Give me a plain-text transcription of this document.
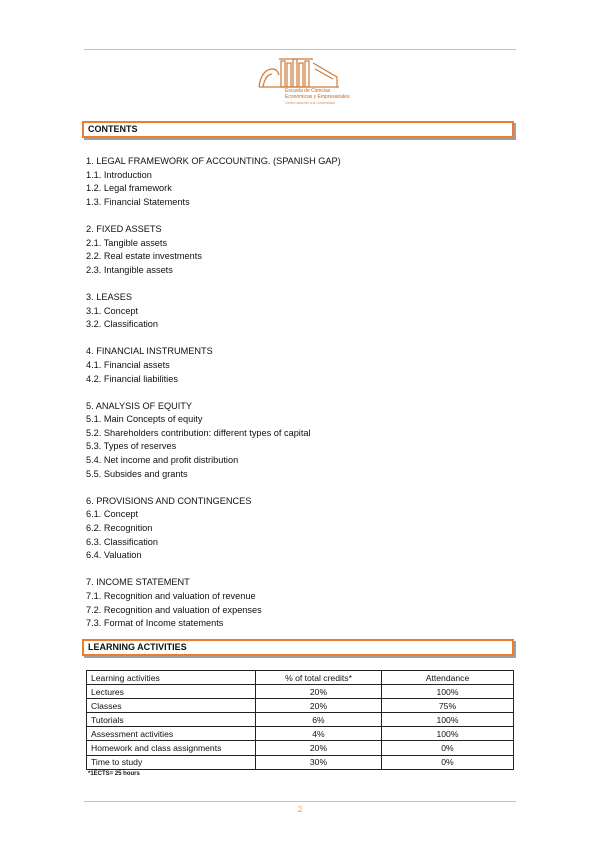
Escuela de Ciencias
Económicas y Empresariales
Centro adscrito a la Universidad
CONTENTS
1. LEGAL FRAMEWORK OF ACCOUNTING. (SPANISH GAP)
1.1. Introduction
1.2. Legal framework
1.3. Financial Statements
2. FIXED ASSETS
2.1. Tangible assets
2.2. Real estate investments
2.3. Intangible assets
3. LEASES
3.1. Concept
3.2. Classification
4. FINANCIAL INSTRUMENTS
4.1. Financial assets
4.2. Financial liabilities
5. ANALYSIS OF EQUITY
5.1. Main Concepts of equity
5.2. Shareholders contribution: different types of capital
5.3. Types of reserves
5.4. Net income and profit distribution
5.5. Subsides and grants
6. PROVISIONS AND CONTINGENCES
6.1. Concept
6.2. Recognition
6.3. Classification
6.4. Valuation
7. INCOME STATEMENT
7.1. Recognition and valuation of revenue
7.2. Recognition and valuation of expenses
7.3. Format of Income statements
LEARNING ACTIVITIES
Learning activities	% of total credits*	Attendance
Lectures	20%	100%
Classes	20%	75%
Tutorials	6%	100%
Assessment activities	4%	100%
Homework and class assignments	20%	0%
Time to study	30%	0%
*1ECTS= 25 hours
2
